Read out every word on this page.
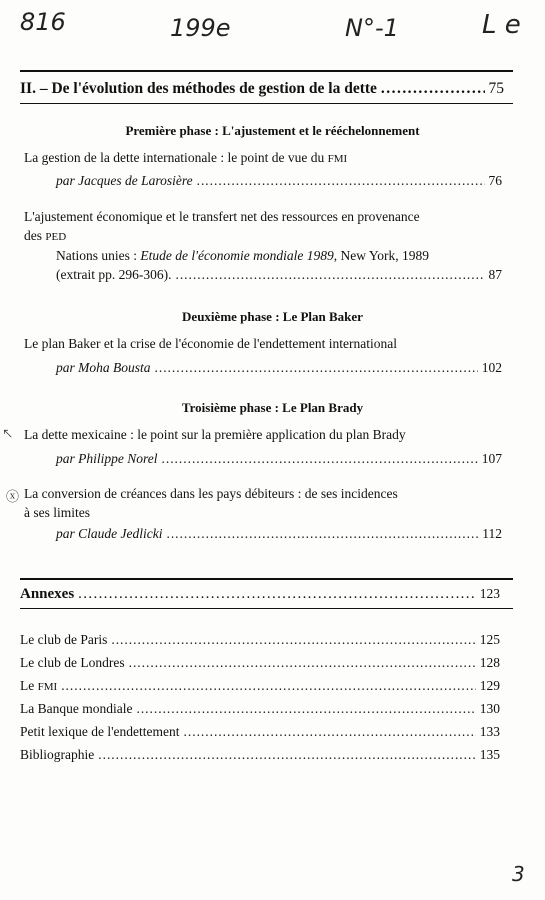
816	199e	N°-1	L e
II. – De l'évolution des méthodes de gestion de la dette . . .	75
Première phase : L'ajustement et le rééchelonnement
La gestion de la dette internationale : le point de vue du FMI
par Jacques de Larosière . . .	76
L'ajustement économique et le transfert net des ressources en provenance
des PED
Nations unies : Etude de l'économie mondiale 1989, New York, 1989
(extrait pp. 296-306). . . .	87
Deuxième phase : Le Plan Baker
Le plan Baker et la crise de l'économie de l'endettement international
par Moha Bousta . . .	102
Troisième phase : Le Plan Brady
↖ La dette mexicaine : le point sur la première application du plan Brady
par Philippe Norel . . .	107
ⓧ La conversion de créances dans les pays débiteurs : de ses incidences
à ses limites
par Claude Jedlicki . . .	112
Annexes . . .	123
Le club de Paris . . .	125
Le club de Londres . . .	128
Le FMI . . .	129
La Banque mondiale . . .	130
Petit lexique de l'endettement . . .	133
Bibliographie . . .	135
3
